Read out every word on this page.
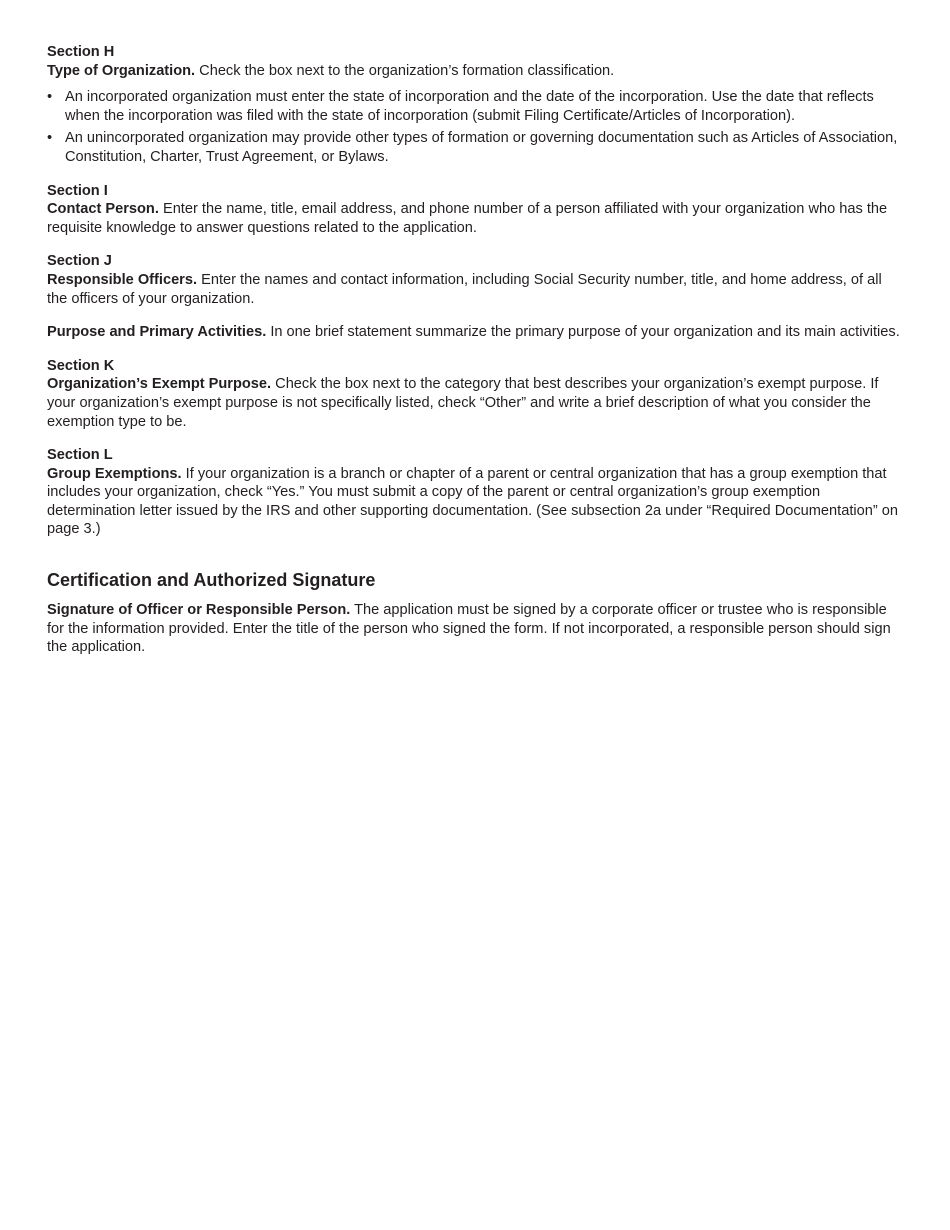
Section H

Type of Organization. Check the box next to the organization’s formation classification.

• An incorporated organization must enter the state of incorporation and the date of the incorporation. Use the date that reflects when the incorporation was filed with the state of incorporation (submit Filing Certificate/Articles of Incorporation).
• An unincorporated organization may provide other types of formation or governing documentation such as Articles of Association, Constitution, Charter, Trust Agreement, or Bylaws.
Section I

Contact Person. Enter the name, title, email address, and phone number of a person affiliated with your organization who has the requisite knowledge to answer questions related to the application.

Section J

Responsible Officers. Enter the names and contact information, including Social Security number, title, and home address, of all the officers of your organization.

Purpose and Primary Activities. In one brief statement summarize the primary purpose of your organization and its main activities.

Section K

Organization’s Exempt Purpose. Check the box next to the category that best describes your organization’s exempt purpose. If your organization’s exempt purpose is not specifically listed, check “Other” and write a brief description of what you consider the exemption type to be.

Section L

Group Exemptions. If your organization is a branch or chapter of a parent or central organization that has a group exemption that includes your organization, check “Yes.” You must submit a copy of the parent or central organization’s group exemption determination letter issued by the IRS and other supporting documentation. (See subsection 2a under “Required Documentation” on page 3.)

Certification and Authorized Signature

Signature of Officer or Responsible Person. The application must be signed by a corporate officer or trustee who is responsible for the information provided. Enter the title of the person who signed the form. If not incorporated, a responsible person should sign the application.
